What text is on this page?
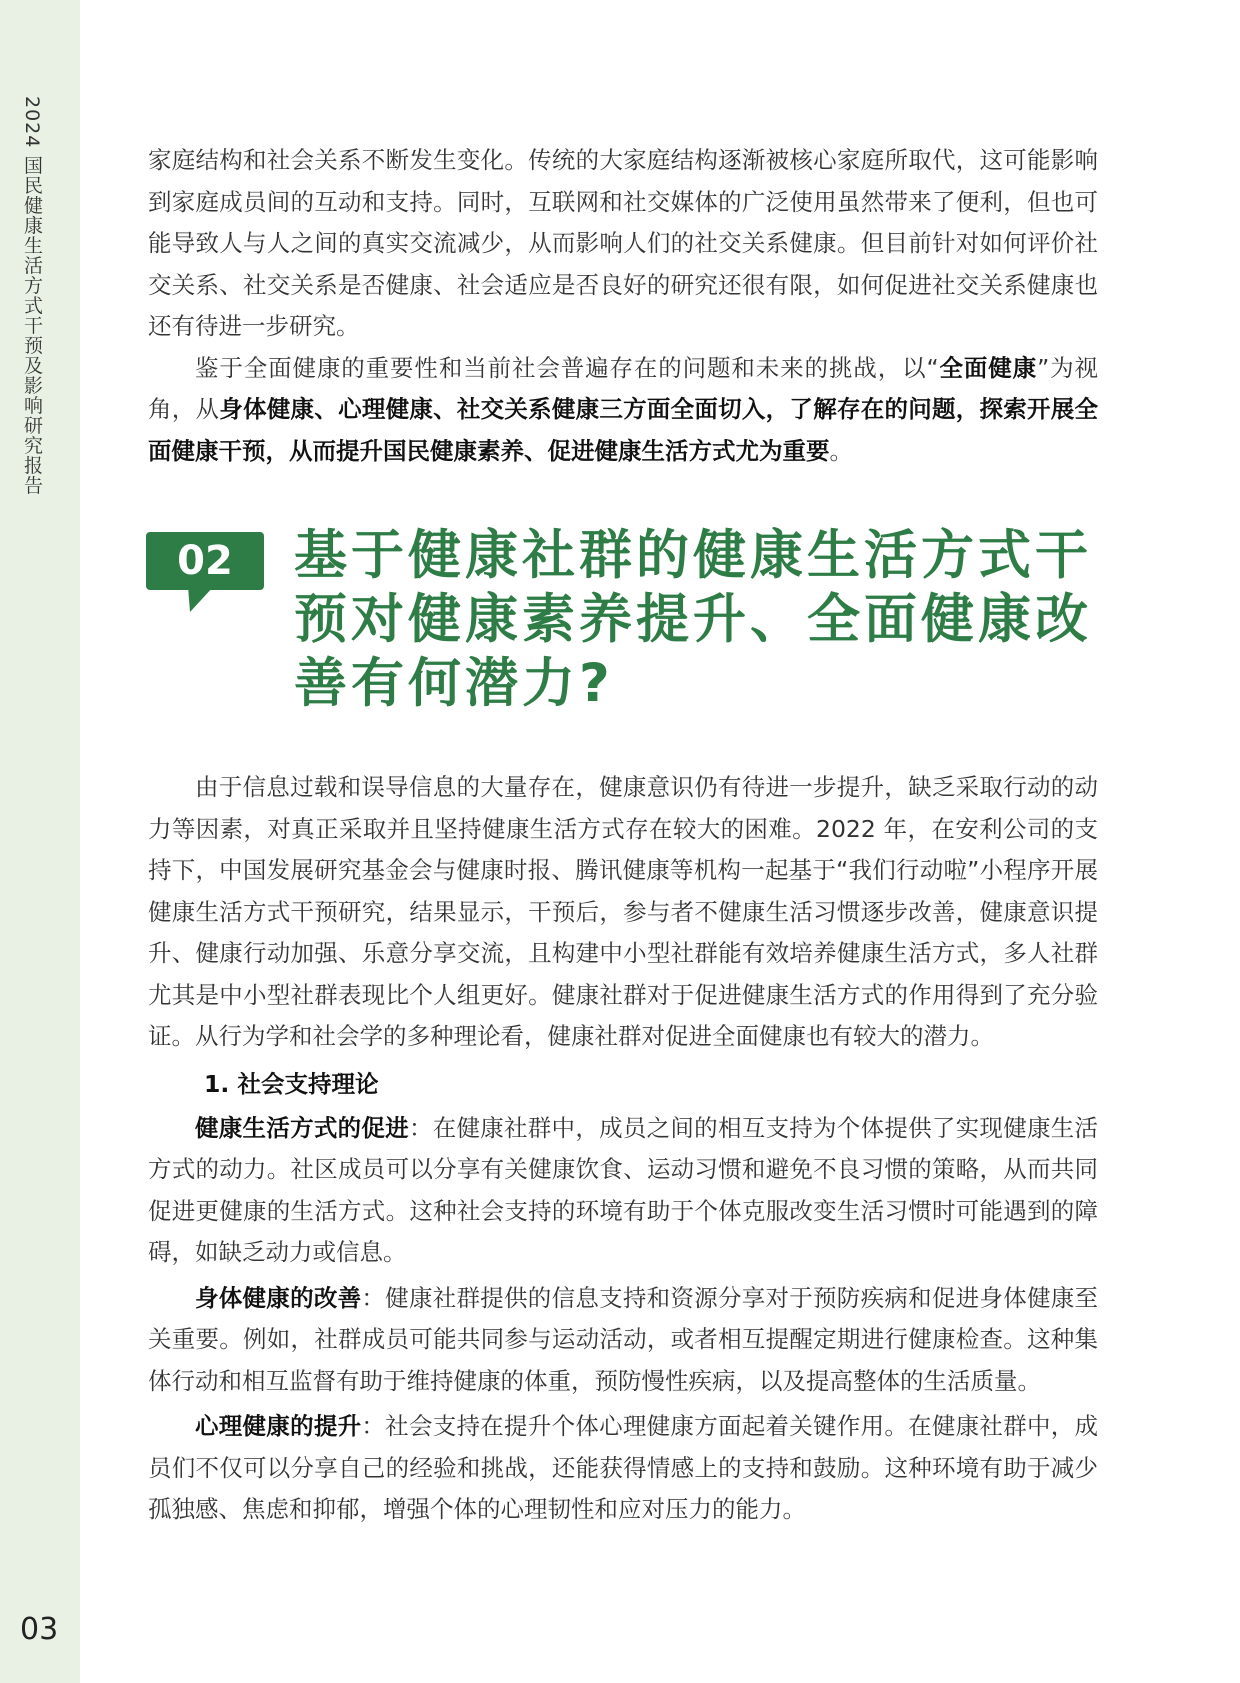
2024 国民健康生活方式干预及影响研究报告
03

家庭结构和社会关系不断发生变化。传统的大家庭结构逐渐被核心家庭所取代，这可能影响到家庭成员间的互动和支持。同时，互联网和社交媒体的广泛使用虽然带来了便利，但也可能导致人与人之间的真实交流减少，从而影响人们的社交关系健康。但目前针对如何评价社交关系、社交关系是否健康、社会适应是否良好的研究还很有限，如何促进社交关系健康也还有待进一步研究。

鉴于全面健康的重要性和当前社会普遍存在的问题和未来的挑战，以“全面健康”为视角，从身体健康、心理健康、社交关系健康三方面全面切入，了解存在的问题，探索开展全面健康干预，从而提升国民健康素养、促进健康生活方式尤为重要。

02	基于健康社群的健康生活方式干预对健康素养提升、全面健康改善有何潜力?

由于信息过载和误导信息的大量存在，健康意识仍有待进一步提升，缺乏采取行动的动力等因素，对真正采取并且坚持健康生活方式存在较大的困难。2022 年，在安利公司的支持下，中国发展研究基金会与健康时报、腾讯健康等机构一起基于“我们行动啦”小程序开展健康生活方式干预研究，结果显示，干预后，参与者不健康生活习惯逐步改善，健康意识提升、健康行动加强、乐意分享交流，且构建中小型社群能有效培养健康生活方式，多人社群尤其是中小型社群表现比个人组更好。健康社群对于促进健康生活方式的作用得到了充分验证。从行为学和社会学的多种理论看，健康社群对促进全面健康也有较大的潜力。

1. 社会支持理论

健康生活方式的促进：在健康社群中，成员之间的相互支持为个体提供了实现健康生活方式的动力。社区成员可以分享有关健康饮食、运动习惯和避免不良习惯的策略，从而共同促进更健康的生活方式。这种社会支持的环境有助于个体克服改变生活习惯时可能遇到的障碍，如缺乏动力或信息。

身体健康的改善：健康社群提供的信息支持和资源分享对于预防疾病和促进身体健康至关重要。例如，社群成员可能共同参与运动活动，或者相互提醒定期进行健康检查。这种集体行动和相互监督有助于维持健康的体重，预防慢性疾病，以及提高整体的生活质量。

心理健康的提升：社会支持在提升个体心理健康方面起着关键作用。在健康社群中，成员们不仅可以分享自己的经验和挑战，还能获得情感上的支持和鼓励。这种环境有助于减少孤独感、焦虑和抑郁，增强个体的心理韧性和应对压力的能力。
